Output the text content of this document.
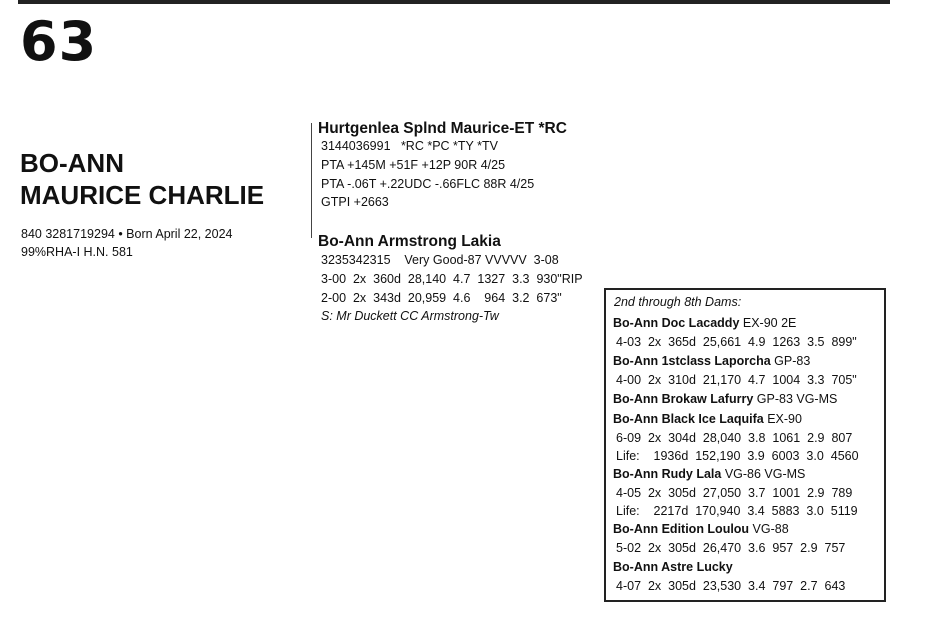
63
BO-ANN
MAURICE CHARLIE
840 3281719294 • Born April 22, 2024
99%RHA-I H.N. 581
Hurtgenlea Splnd Maurice-ET *RC
3144036991   *RC *PC *TY *TV
PTA +145M +51F +12P 90R 4/25
PTA -.06T +.22UDC -.66FLC 88R 4/25
GTPI +2663
Bo-Ann Armstrong Lakia
3235342315    Very Good-87 VVVVV  3-08
3-00  2x  360d  28,140  4.7  1327  3.3  930"RIP
2-00  2x  343d  20,959  4.6    964  3.2  673"
S: Mr Duckett CC Armstrong-Tw
2nd through 8th Dams:
Bo-Ann Doc Lacaddy EX-90 2E
4-03  2x  365d  25,661  4.9  1263  3.5  899"
Bo-Ann 1stclass Laporcha GP-83
4-00  2x  310d  21,170  4.7  1004  3.3  705"
Bo-Ann Brokaw Lafurry GP-83 VG-MS
Bo-Ann Black Ice Laquifa EX-90
6-09  2x  304d  28,040  3.8  1061  2.9  807
Life:    1936d  152,190  3.9  6003  3.0  4560
Bo-Ann Rudy Lala VG-86 VG-MS
4-05  2x  305d  27,050  3.7  1001  2.9  789
Life:    2217d  170,940  3.4  5883  3.0  5119
Bo-Ann Edition Loulou VG-88
5-02  2x  305d  26,470  3.6  957  2.9  757
Bo-Ann Astre Lucky
4-07  2x  305d  23,530  3.4  797  2.7  643
